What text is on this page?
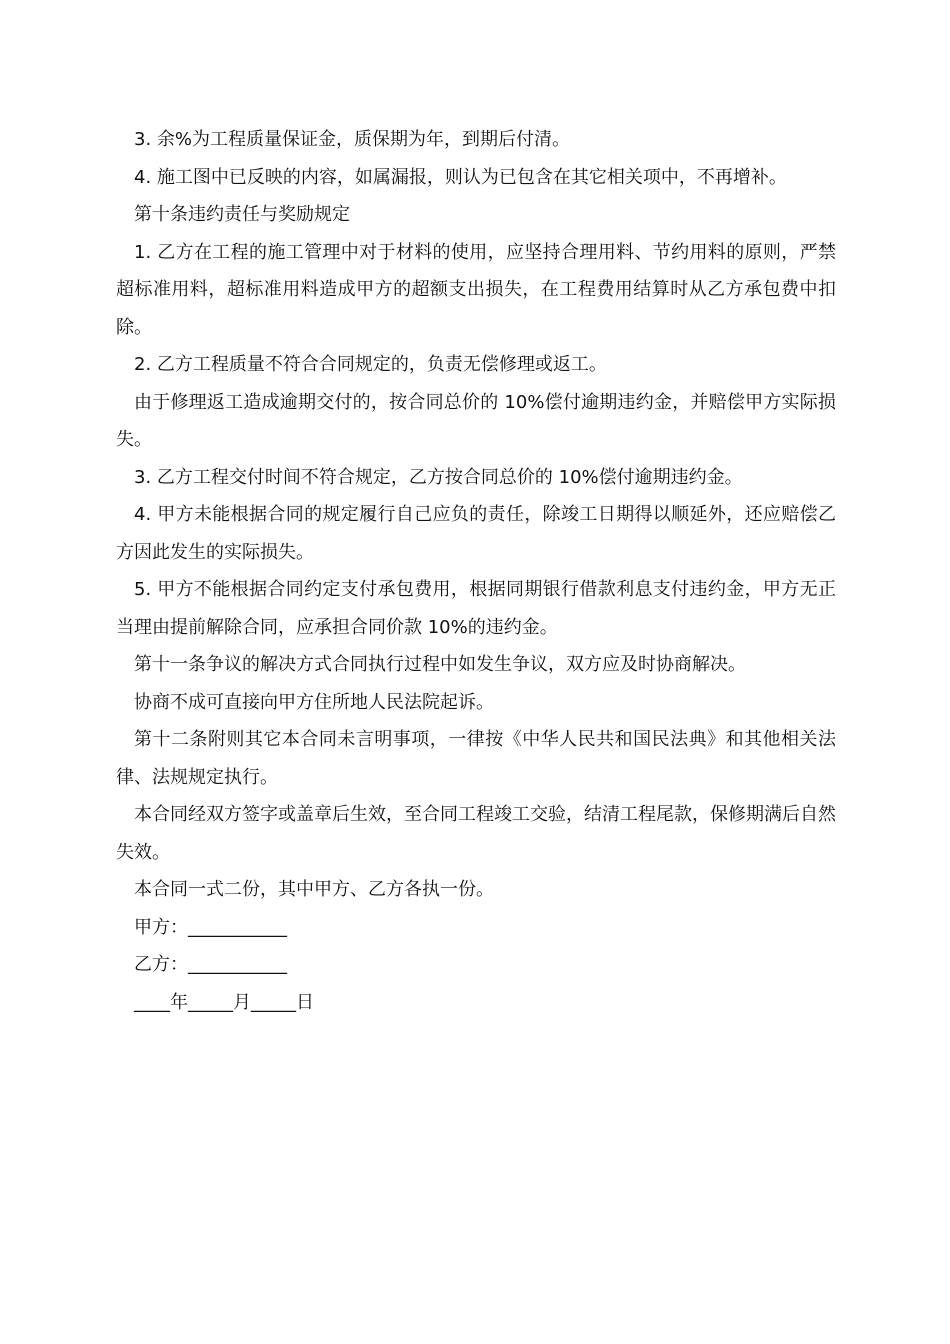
3. 余%为工程质量保证金，质保期为年，到期后付清。

4. 施工图中已反映的内容，如属漏报，则认为已包含在其它相关项中，不再增补。

第十条违约责任与奖励规定

1. 乙方在工程的施工管理中对于材料的使用，应坚持合理用料、节约用料的原则，严禁超标准用料，超标准用料造成甲方的超额支出损失，在工程费用结算时从乙方承包费中扣除。

2. 乙方工程质量不符合合同规定的，负责无偿修理或返工。

由于修理返工造成逾期交付的，按合同总价的 10%偿付逾期违约金，并赔偿甲方实际损失。

3. 乙方工程交付时间不符合规定，乙方按合同总价的 10%偿付逾期违约金。

4. 甲方未能根据合同的规定履行自己应负的责任，除竣工日期得以顺延外，还应赔偿乙方因此发生的实际损失。

5. 甲方不能根据合同约定支付承包费用，根据同期银行借款利息支付违约金，甲方无正当理由提前解除合同，应承担合同价款 10%的违约金。

第十一条争议的解决方式合同执行过程中如发生争议，双方应及时协商解决。

协商不成可直接向甲方住所地人民法院起诉。

第十二条附则其它本合同未言明事项，一律按《中华人民共和国民法典》和其他相关法律、法规规定执行。

本合同经双方签字或盖章后生效，至合同工程竣工交验，结清工程尾款，保修期满后自然失效。

本合同一式二份，其中甲方、乙方各执一份。

甲方：___________

乙方：___________

____年_____月_____日
